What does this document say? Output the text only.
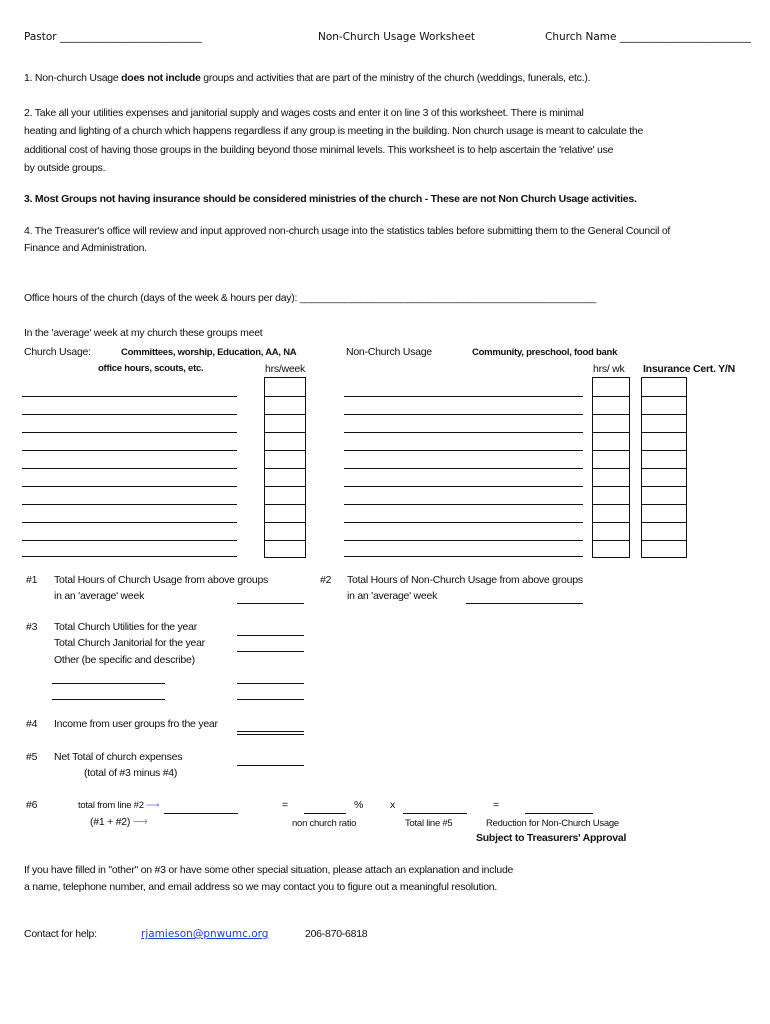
Pastor ___________________________	Non-Church Usage Worksheet	Church Name _________________________
1. Non-church Usage does not include groups and activities that are part of the ministry of the church (weddings, funerals, etc.).
2. Take all your utilities expenses and janitorial supply and wages costs and enter it on line 3 of this worksheet. There is minimal
heating and lighting of a church which happens regardless if any group is meeting in the building. Non church usage is meant to calculate the
additional cost of having those groups in the building beyond those minimal levels. This worksheet is to help ascertain the 'relative' use
by outside groups.
3. Most Groups not having insurance should be considered ministries of the church - These are not Non Church Usage activities.
4. The Treasurer's office will review and input approved non-church usage into the statistics tables before submitting them to the General Council of
Finance and Administration.
Office hours of the church (days of the week & hours per day): _____________________________________________________
In the 'average' week at my church these groups meet
Church Usage:	Committees, worship, Education, AA, NA
office hours, scouts, etc.	hrs/week
Non-Church Usage	Community, preschool, food bank
hrs/ wk Insurance Cert. Y/N
#1 Total Hours of Church Usage from above groups
in an 'average' week
#2 Total Hours of Non-Church Usage from above groups
in an 'average' week
#3 Total Church Utilities for the year
Total Church Janitorial for the year
Other (be specific and describe)
#4 Income from user groups fro the year
#5 Net Total of church expenses
(total of #3 minus #4)
#6	total from line #2 ⟶
(#1 + #2) ⟶
=	%
non church ratio
x
Total line #5
=
Reduction for Non-Church Usage
Subject to Treasurers' Approval
If you have filled in "other" on #3 or have some other special situation, please attach an explanation and include
a name, telephone number, and email address so we may contact you to figure out a meaningful resolution.
Contact for help:	rjamieson@pnwumc.org	206-870-6818
